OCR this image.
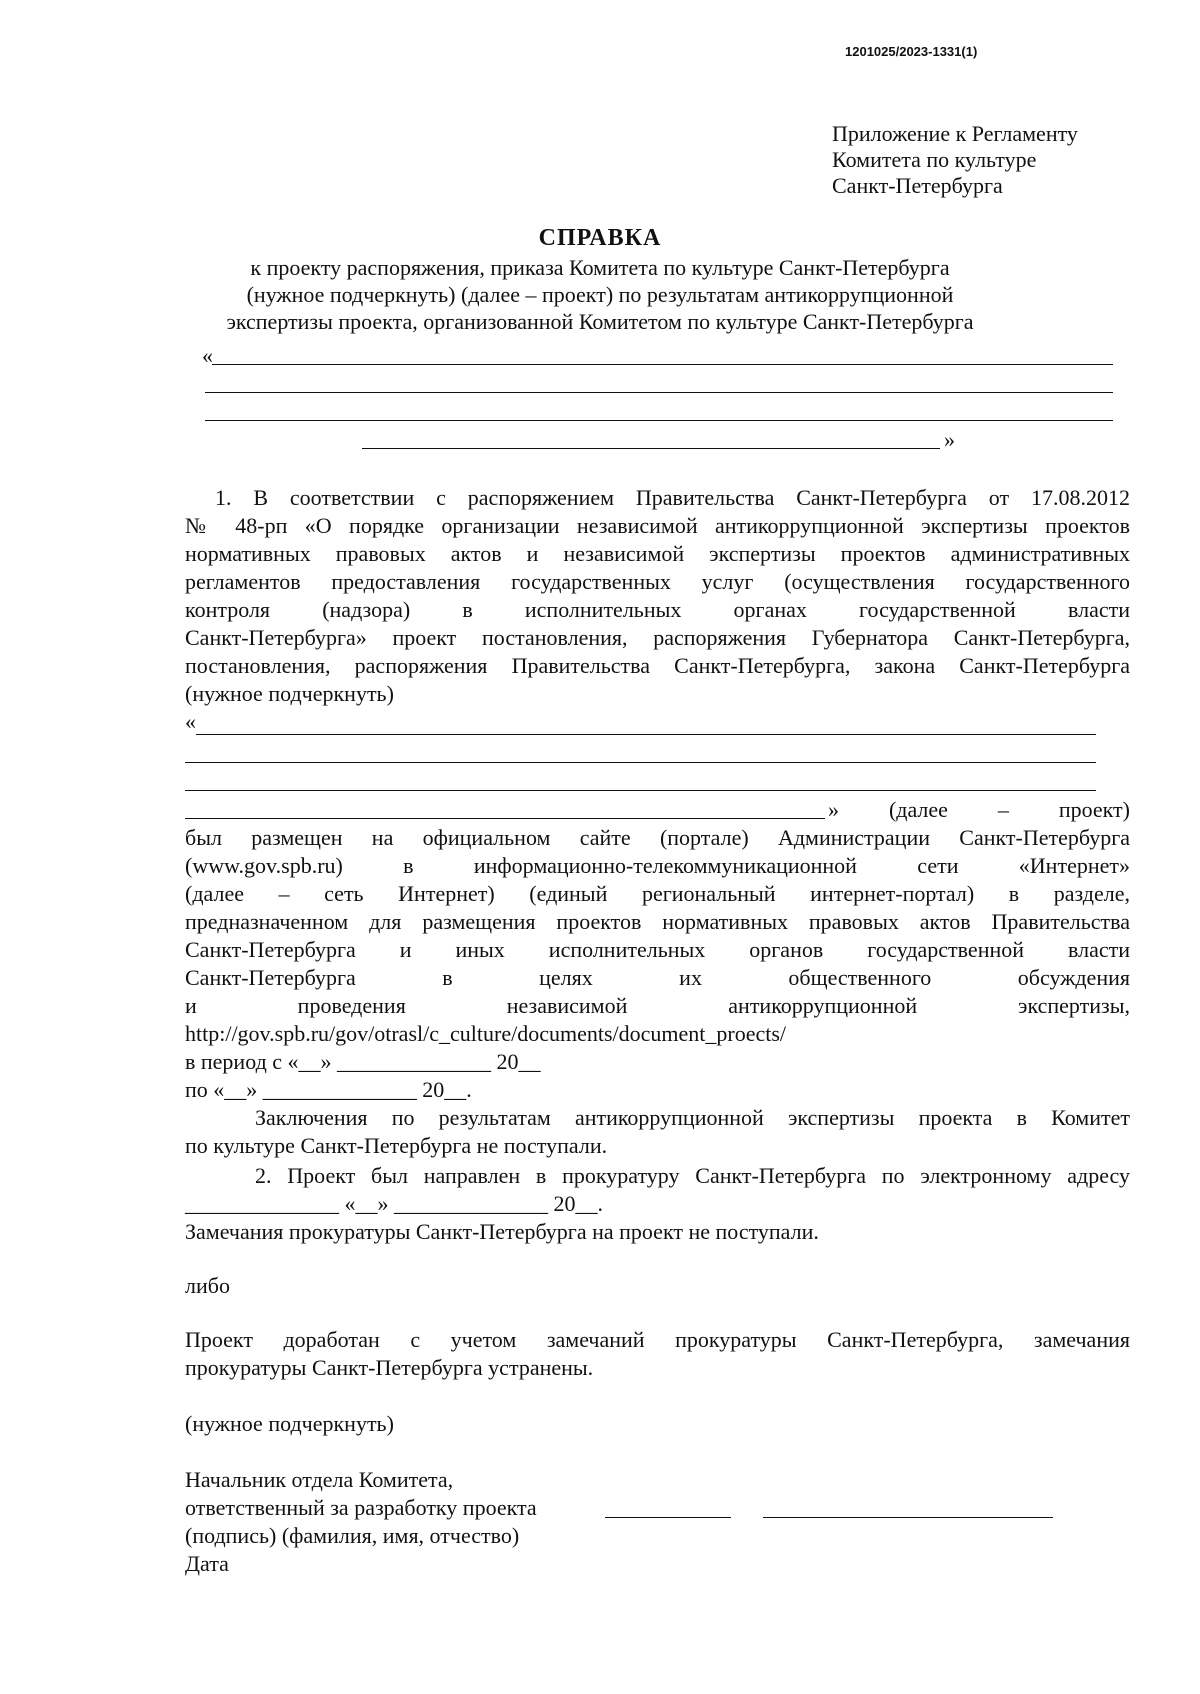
1201025/2023-1331(1)
Приложение к Регламенту
Комитета по культуре
Санкт-Петербурга
СПРАВКА
к проекту распоряжения, приказа Комитета по культуре Санкт-Петербурга
(нужное подчеркнуть) (далее – проект) по результатам антикоррупционной
экспертизы проекта, организованной Комитетом по культуре Санкт-Петербурга
«
»
1. В соответствии с распоряжением Правительства Санкт-Петербурга от 17.08.2012
№ 48-рп «О порядке организации независимой антикоррупционной экспертизы проектов
нормативных правовых актов и независимой экспертизы проектов административных
регламентов предоставления государственных услуг (осуществления государственного
контроля (надзора) в исполнительных органах государственной власти
Санкт-Петербурга» проект постановления, распоряжения Губернатора Санкт-Петербурга,
постановления, распоряжения Правительства Санкт-Петербурга, закона Санкт-Петербурга
(нужное подчеркнуть)
«
» (далее – проект)
был размещен на официальном сайте (портале) Администрации Санкт-Петербурга
(www.gov.spb.ru) в информационно-телекоммуникационной сети «Интернет»
(далее – сеть Интернет) (единый региональный интернет-портал) в разделе,
предназначенном для размещения проектов нормативных правовых актов Правительства
Санкт-Петербурга и иных исполнительных органов государственной власти
Санкт-Петербурга в целях их общественного обсуждения
и проведения независимой антикоррупционной экспертизы,
http://gov.spb.ru/gov/otrasl/c_culture/documents/document_proects/
в период с «__» ______________ 20__
по «__» ______________ 20__.
Заключения по результатам антикоррупционной экспертизы проекта в Комитет
по культуре Санкт-Петербурга не поступали.
2. Проект был направлен в прокуратуру Санкт-Петербурга по электронному адресу
______________ «__» ______________ 20__.
Замечания прокуратуры Санкт-Петербурга на проект не поступали.
либо
Проект доработан с учетом замечаний прокуратуры Санкт-Петербурга, замечания
прокуратуры Санкт-Петербурга устранены.
(нужное подчеркнуть)
Начальник отдела Комитета,
ответственный за разработку проекта
(подпись) (фамилия, имя, отчество)
Дата
